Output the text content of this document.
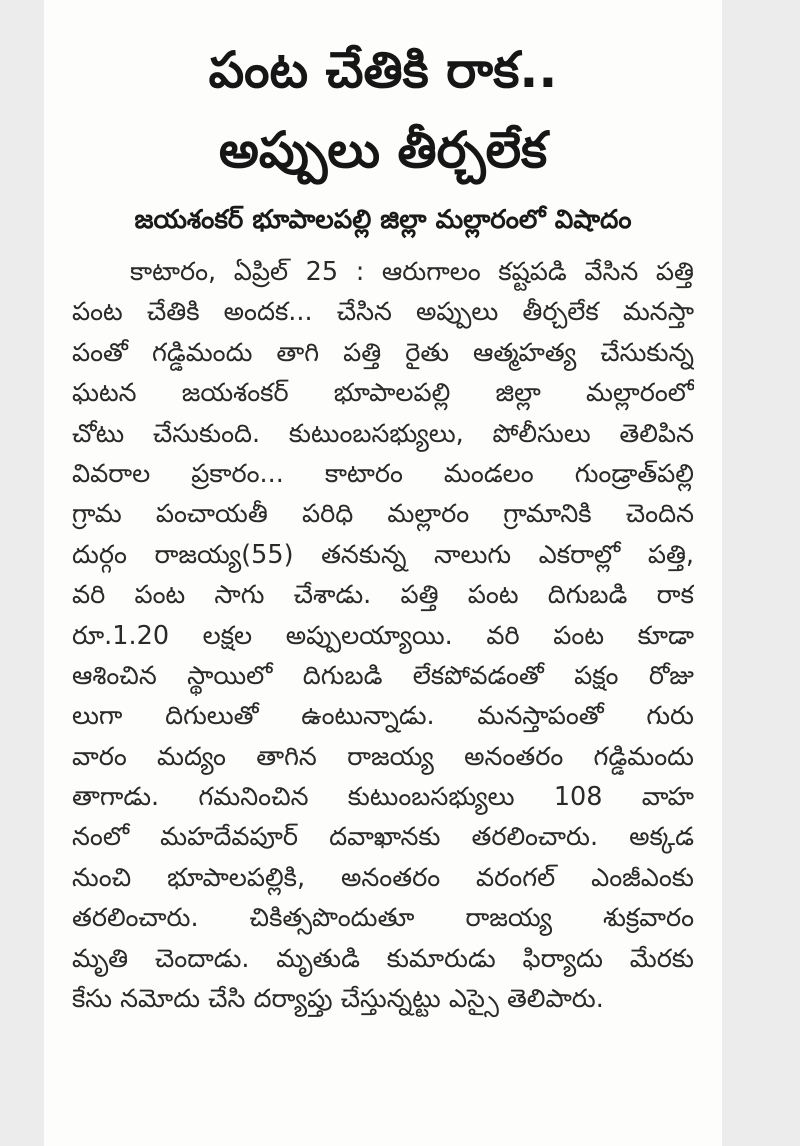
పంట చేతికి రాక..
అప్పులు తీర్చలేక
జయశంకర్‌ భూపాలపల్లి జిల్లా మల్లారంలో విషాదం
కాటారం, ఏప్రిల్‌ 25 : ఆరుగాలం కష్టపడి వేసిన పత్తి
పంట చేతికి అందక... చేసిన అప్పులు తీర్చలేక మనస్తా
పంతో గడ్డిమందు తాగి పత్తి రైతు ఆత్మహత్య చేసుకున్న
ఘటన జయశంకర్‌ భూపాలపల్లి జిల్లా మల్లారంలో
చోటు చేసుకుంది. కుటుంబసభ్యులు, పోలీసులు తెలిపిన
వివరాల ప్రకారం... కాటారం మండలం గుండ్రాత్‌పల్లి
గ్రామ పంచాయతీ పరిధి మల్లారం గ్రామానికి చెందిన
దుర్గం రాజయ్య(55) తనకున్న నాలుగు ఎకరాల్లో పత్తి,
వరి పంట సాగు చేశాడు. పత్తి పంట దిగుబడి రాక
రూ.1.20 లక్షల అప్పులయ్యాయి. వరి పంట కూడా
ఆశించిన స్థాయిలో దిగుబడి లేకపోవడంతో పక్షం రోజు
లుగా దిగులుతో ఉంటున్నాడు. మనస్తాపంతో గురు
వారం మద్యం తాగిన రాజయ్య అనంతరం గడ్డిమందు
తాగాడు. గమనించిన కుటుంబసభ్యులు 108 వాహ
నంలో మహదేవపూర్‌ దవాఖానకు తరలించారు. అక్కడ
నుంచి భూపాలపల్లికి, అనంతరం వరంగల్‌ ఎంజీఎంకు
తరలించారు. చికిత్సపొందుతూ రాజయ్య శుక్రవారం
మృతి చెందాడు. మృతుడి కుమారుడు ఫిర్యాదు మేరకు
కేసు నమోదు చేసి దర్యాప్తు చేస్తున్నట్టు ఎస్సై తెలిపారు.
